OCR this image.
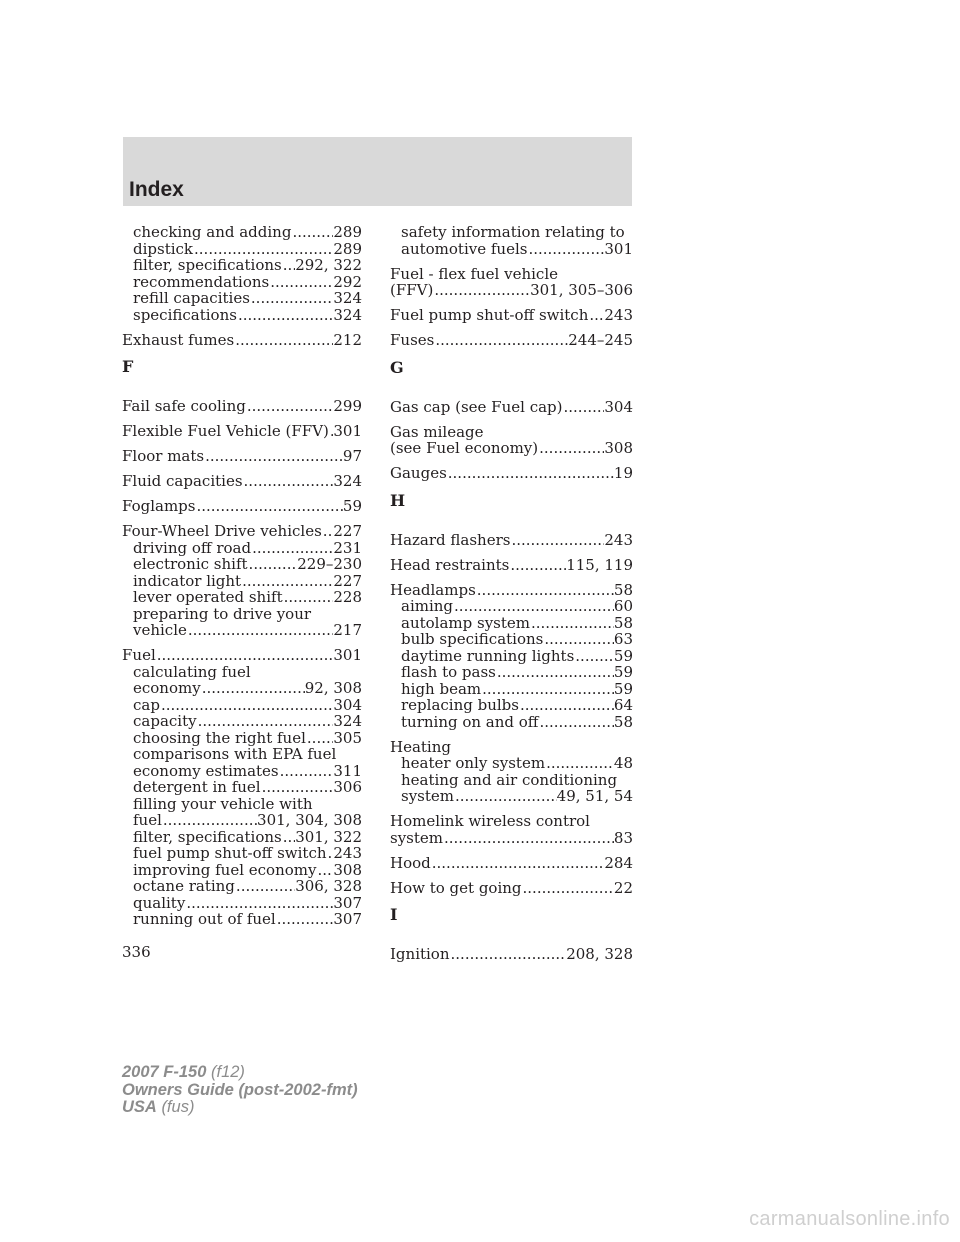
Index
checking and adding .....	289
dipstick .....	289
filter, specifications ..... 292, 322
recommendations .....	292
refill capacities .....	324
specifications .....	324
Exhaust fumes .....	212
F
Fail safe cooling .....	299
Flexible Fuel Vehicle (FFV) ..... 301
Floor mats .....	97
Fluid capacities .....	324
Foglamps .....	59
Four-Wheel Drive vehicles ..... 227
driving off road .....	231
electronic shift .....	229–230
indicator light .....	227
lever operated shift .....	228
preparing to drive your
vehicle .....	217
Fuel .....	301
calculating fuel
economy .....	92, 308
cap .....	304
capacity .....	324
choosing the right fuel ..... 305
comparisons with EPA fuel
economy estimates .....	311
detergent in fuel .....	306
filling your vehicle with
fuel .....	301, 304, 308
filter, specifications ..... 301, 322
fuel pump shut-off switch ..... 243
improving fuel economy ..... 308
octane rating .....	306, 328
quality .....	307
running out of fuel .....	307
safety information relating to
automotive fuels .....	301
Fuel - flex fuel vehicle
(FFV) .....	301, 305–306
Fuel pump shut-off switch ..... 243
Fuses .....	244–245
G
Gas cap (see Fuel cap) .....	304
Gas mileage
(see Fuel economy) .....	308
Gauges .....	19
H
Hazard flashers .....	243
Head restraints .....	115, 119
Headlamps .....	58
aiming .....	60
autolamp system .....	58
bulb specifications .....	63
daytime running lights .....	59
flash to pass .....	59
high beam .....	59
replacing bulbs .....	64
turning on and off .....	58
Heating
heater only system .....	48
heating and air conditioning
system .....	49, 51, 54
Homelink wireless control
system .....	83
Hood .....	284
How to get going .....	22
I
Ignition .....	208, 328
336
2007 F-150 (f12)
Owners Guide (post-2002-fmt)
USA (fus)
carmanualsonline.info
